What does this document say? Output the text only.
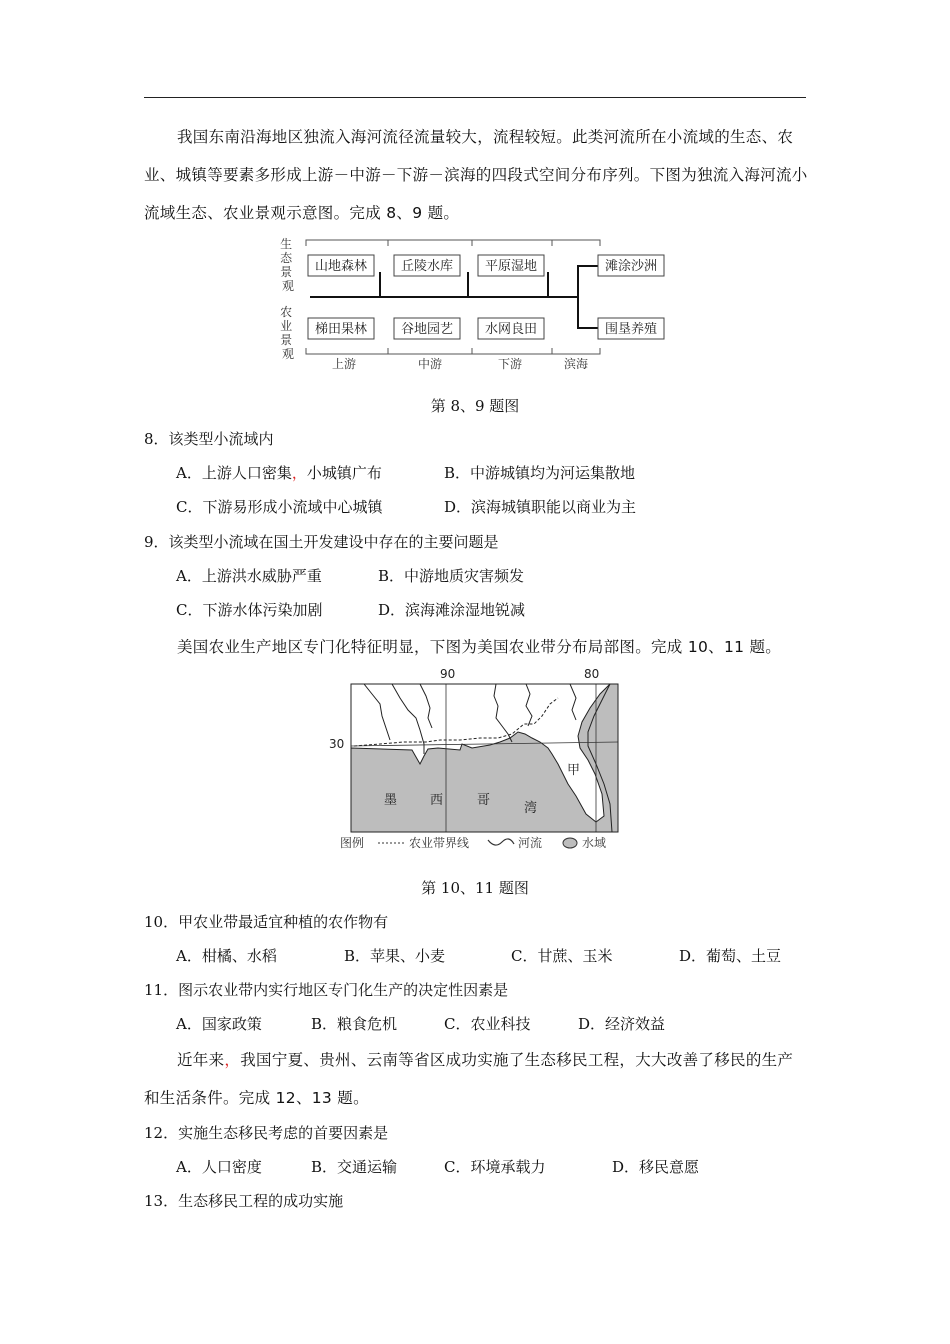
我国东南沿海地区独流入海河流径流量较大，流程较短。此类河流所在小流域的生态、农业、城镇等要素多形成上游－中游－下游－滨海的四段式空间分布序列。下图为独流入海河流小流域生态、农业景观示意图。完成 8、9 题。
生 态 景 观
农 业 景 观
山地森林	丘陵水库 平原湿地	滩涂沙洲
梯田果林	谷地园艺 水网良田	围垦养殖
上游	中游	下游	滨海
第 8、9 题图
8．该类型小流域内
A．上游人口密集，小城镇广布	B．中游城镇均为河运集散地
C．下游易形成小流域中心城镇	D．滨海城镇职能以商业为主
9．该类型小流域在国土开发建设中存在的主要问题是
A．上游洪水威胁严重	B．中游地质灾害频发
C．下游水体污染加剧	D．滨海滩涂湿地锐减
美国农业生产地区专门化特征明显，下图为美国农业带分布局部图。完成 10、11 题。
90	80
30
甲
墨	西	哥
湾
图例	农业带界线	河流	水域
第 10、11 题图
10．甲农业带最适宜种植的农作物有
A．柑橘、水稻	B．苹果、小麦	C．甘蔗、玉米	D．葡萄、土豆
11．图示农业带内实行地区专门化生产的决定性因素是
A．国家政策	B．粮食危机	C．农业科技	D．经济效益
近年来，我国宁夏、贵州、云南等省区成功实施了生态移民工程，大大改善了移民的生产和生活条件。完成 12、13 题。
12．实施生态移民考虑的首要因素是
A．人口密度	B．交通运输	C．环境承载力	D．移民意愿
13．生态移民工程的成功实施
